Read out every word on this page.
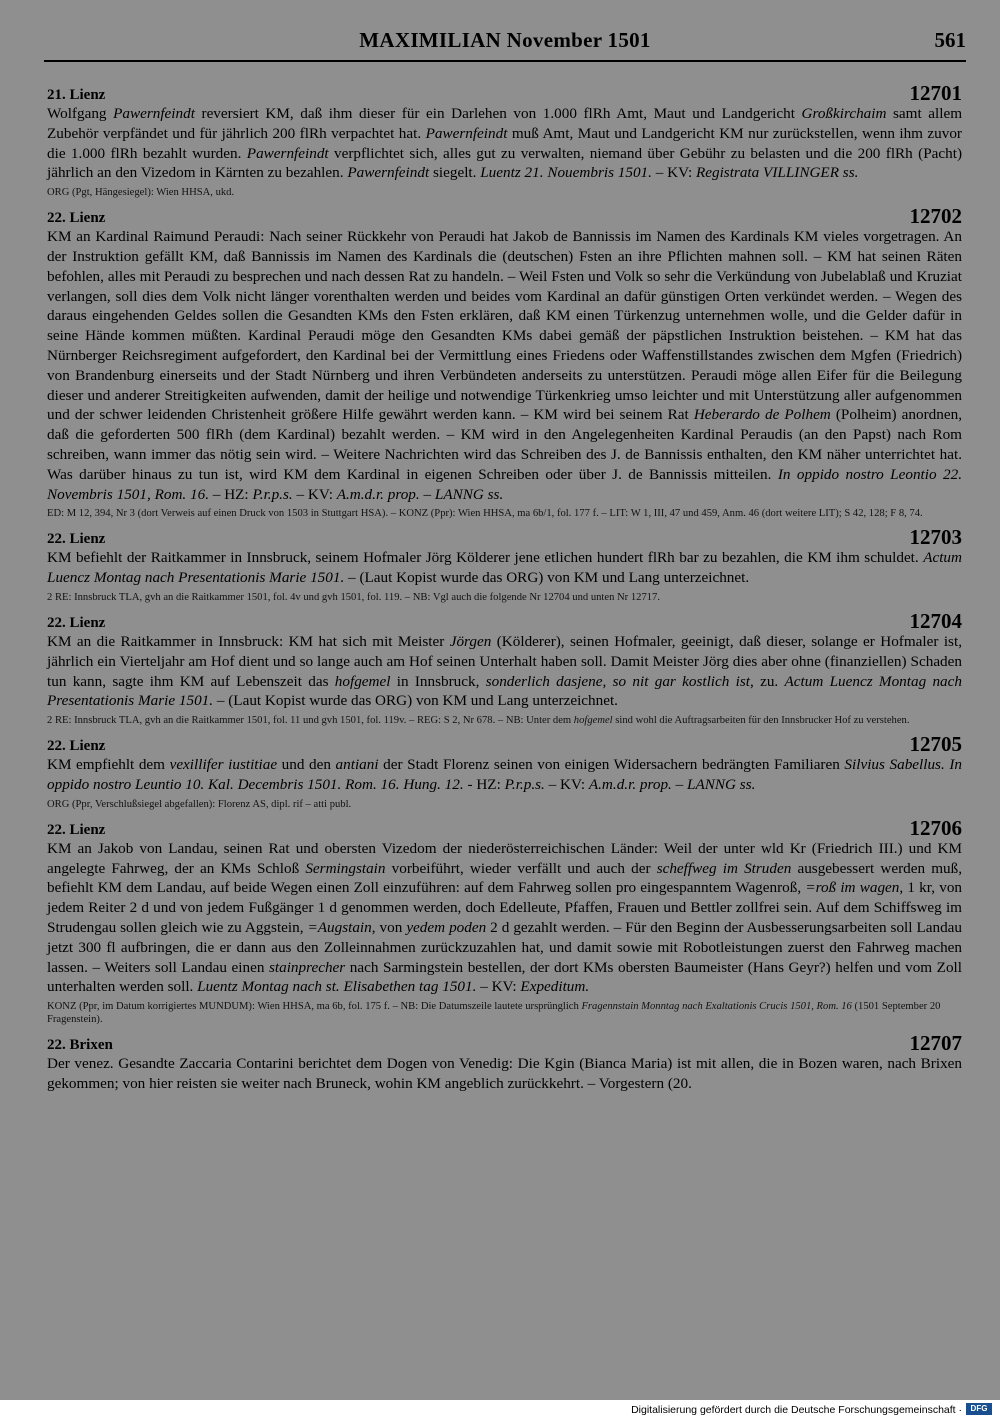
MAXIMILIAN November 1501	561
21. Lienz	12701

Wolfgang Pawernfeindt reversiert KM, daß ihm dieser für ein Darlehen von 1.000 flRh Amt, Maut und Landgericht Großkirchaim samt allem Zubehör verpfändet und für jährlich 200 flRh verpachtet hat. Pawernfeindt muß Amt, Maut und Landgericht KM nur zurückstellen, wenn ihm zuvor die 1.000 flRh bezahlt wurden. Pawernfeindt verpflichtet sich, alles gut zu verwalten, niemand über Gebühr zu belasten und die 200 flRh (Pacht) jährlich an den Vizedom in Kärnten zu bezahlen. Pawernfeindt siegelt. Luentz 21. Nouembris 1501. – KV: Registrata VILLINGER ss.

ORG (Pgt, Hängesiegel): Wien HHSA, ukd.

22. Lienz	12702

KM an Kardinal Raimund Peraudi: Nach seiner Rückkehr von Peraudi hat Jakob de Bannissis im Namen des Kardinals KM vieles vorgetragen. An der Instruktion gefällt KM, daß Bannissis im Namen des Kardinals die (deutschen) Fsten an ihre Pflichten mahnen soll. – KM hat seinen Räten befohlen, alles mit Peraudi zu besprechen und nach dessen Rat zu handeln. – Weil Fsten und Volk so sehr die Verkündung von Jubelablaß und Kruziat verlangen, soll dies dem Volk nicht länger vorenthalten werden und beides vom Kardinal an dafür günstigen Orten verkündet werden. – Wegen des daraus eingehenden Geldes sollen die Gesandten KMs den Fsten erklären, daß KM einen Türkenzug unternehmen wolle, und die Gelder dafür in seine Hände kommen müßten. Kardinal Peraudi möge den Gesandten KMs dabei gemäß der päpstlichen Instruktion beistehen. – KM hat das Nürnberger Reichsregiment aufgefordert, den Kardinal bei der Vermittlung eines Friedens oder Waffenstillstandes zwischen dem Mgfen (Friedrich) von Brandenburg einerseits und der Stadt Nürnberg und ihren Verbündeten anderseits zu unterstützen. Peraudi möge allen Eifer für die Beilegung dieser und anderer Streitigkeiten aufwenden, damit der heilige und notwendige Türkenkrieg umso leichter und mit Unterstützung aller aufgenommen und der schwer leidenden Christenheit größere Hilfe gewährt werden kann. – KM wird bei seinem Rat Heberardo de Polhem (Polheim) anordnen, daß die geforderten 500 flRh (dem Kardinal) bezahlt werden. – KM wird in den Angelegenheiten Kardinal Peraudis (an den Papst) nach Rom schreiben, wann immer das nötig sein wird. – Weitere Nachrichten wird das Schreiben des J. de Bannissis enthalten, den KM näher unterrichtet hat. Was darüber hinaus zu tun ist, wird KM dem Kardinal in eigenen Schreiben oder über J. de Bannissis mitteilen. In oppido nostro Leontio 22. Novembris 1501, Rom. 16. – HZ: P.r.p.s. – KV: A.m.d.r. prop. – LANNG ss.

ED: M 12, 394, Nr 3 (dort Verweis auf einen Druck von 1503 in Stuttgart HSA). – KONZ (Ppr): Wien HHSA, ma 6b/1, fol. 177 f. – LIT: W 1, III, 47 und 459, Anm. 46 (dort weitere LIT); S 42, 128; F 8, 74.

22. Lienz	12703

KM befiehlt der Raitkammer in Innsbruck, seinem Hofmaler Jörg Kölderer jene etlichen hundert flRh bar zu bezahlen, die KM ihm schuldet. Actum Luencz Montag nach Presentationis Marie 1501. – (Laut Kopist wurde das ORG) von KM und Lang unterzeichnet.

2 RE: Innsbruck TLA, gvh an die Raitkammer 1501, fol. 4v und gvh 1501, fol. 119. – NB: Vgl auch die folgende Nr 12704 und unten Nr 12717.

22. Lienz	12704

KM an die Raitkammer in Innsbruck: KM hat sich mit Meister Jörgen (Kölderer), seinen Hofmaler, geeinigt, daß dieser, solange er Hofmaler ist, jährlich ein Vierteljahr am Hof dient und so lange auch am Hof seinen Unterhalt haben soll. Damit Meister Jörg dies aber ohne (finanziellen) Schaden tun kann, sagte ihm KM auf Lebenszeit das hofgemel in Innsbruck, sonderlich dasjene, so nit gar kostlich ist, zu. Actum Luencz Montag nach Presentationis Marie 1501. – (Laut Kopist wurde das ORG) von KM und Lang unterzeichnet.

2 RE: Innsbruck TLA, gvh an die Raitkammer 1501, fol. 11 und gvh 1501, fol. 119v. – REG: S 2, Nr 678. – NB: Unter dem hofgemel sind wohl die Auftragsarbeiten für den Innsbrucker Hof zu verstehen.

22. Lienz	12705

KM empfiehlt dem vexillifer iustitiae und den antiani der Stadt Florenz seinen von einigen Widersachern bedrängten Familiaren Silvius Sabellus. In oppido nostro Leuntio 10. Kal. Decembris 1501. Rom. 16. Hung. 12. - HZ: P.r.p.s. – KV: A.m.d.r. prop. – LANNG ss.

ORG (Ppr, Verschlußsiegel abgefallen): Florenz AS, dipl. rif – atti publ.

22. Lienz	12706

KM an Jakob von Landau, seinen Rat und obersten Vizedom der niederösterreichischen Länder: Weil der unter wld Kr (Friedrich III.) und KM angelegte Fahrweg, der an KMs Schloß Sermingstain vorbeiführt, wieder verfällt und auch der scheffweg im Struden ausgebessert werden muß, befiehlt KM dem Landau, auf beide Wegen einen Zoll einzuführen: auf dem Fahrweg sollen pro eingespanntem Wagenroß, =roß im wagen, 1 kr, von jedem Reiter 2 d und von jedem Fußgänger 1 d genommen werden, doch Edelleute, Pfaffen, Frauen und Bettler zollfrei sein. Auf dem Schiffsweg im Strudengau sollen gleich wie zu Aggstein, =Augstain, von yedem poden 2 d gezahlt werden. – Für den Beginn der Ausbesserungsarbeiten soll Landau jetzt 300 fl aufbringen, die er dann aus den Zolleinnahmen zurückzuzahlen hat, und damit sowie mit Robotleistungen zuerst den Fahrweg machen lassen. – Weiters soll Landau einen stainprecher nach Sarmingstein bestellen, der dort KMs obersten Baumeister (Hans Geyr?) helfen und vom Zoll unterhalten werden soll. Luentz Montag nach st. Elisabethen tag 1501. – KV: Expeditum.

KONZ (Ppr, im Datum korrigiertes MUNDUM): Wien HHSA, ma 6b, fol. 175 f. – NB: Die Datumszeile lautete ursprünglich Fragennstain Monntag nach Exaltationis Crucis 1501, Rom. 16 (1501 September 20 Fragenstein).

22. Brixen	12707

Der venez. Gesandte Zaccaria Contarini berichtet dem Dogen von Venedig: Die Kgin (Bianca Maria) ist mit allen, die in Bozen waren, nach Brixen gekommen; von hier reisten sie weiter nach Bruneck, wohin KM angeblich zurückkehrt. – Vorgestern (20.

Digitalisierung gefördert durch die Deutsche Forschungsgemeinschaft ·	DFG
